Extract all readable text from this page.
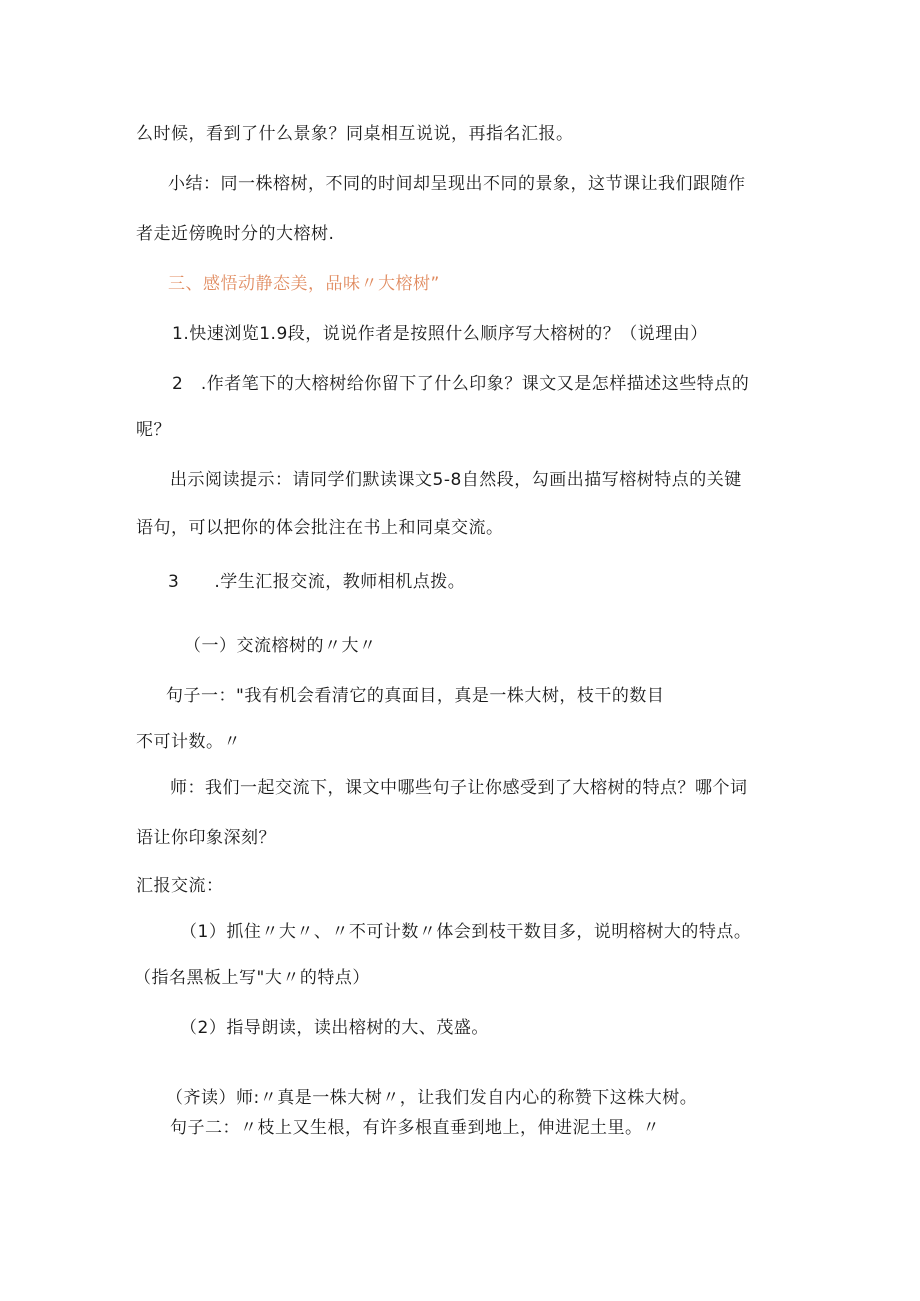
么时候，看到了什么景象？同桌相互说说，再指名汇报。
小结：同一株榕树，不同的时间却呈现出不同的景象，这节课让我们跟随作
者走近傍晚时分的大榕树.
三、感悟动静态美，品味〃大榕树”
1.快速浏览1.9段，说说作者是按照什么顺序写大榕树的？（说理由）
2　.作者笔下的大榕树给你留下了什么印象？课文又是怎样描述这些特点的
呢？
出示阅读提示：请同学们默读课文5-8自然段，勾画出描写榕树特点的关键
语句，可以把你的体会批注在书上和同桌交流。
3　　.学生汇报交流，教师相机点拨。
（一）交流榕树的〃大〃
句子一："我有机会看清它的真面目，真是一株大树，枝干的数目
不可计数。〃
师：我们一起交流下，课文中哪些句子让你感受到了大榕树的特点？哪个词
语让你印象深刻？
汇报交流：
（1）抓住〃大〃、〃不可计数〃体会到枝干数目多，说明榕树大的特点。
（指名黑板上写"大〃的特点）
（2）指导朗读，读出榕树的大、茂盛。
（齐读）师:〃真是一株大树〃，让我们发自内心的称赞下这株大树。
句子二：〃枝上又生根，有许多根直垂到地上，伸进泥土里。〃
